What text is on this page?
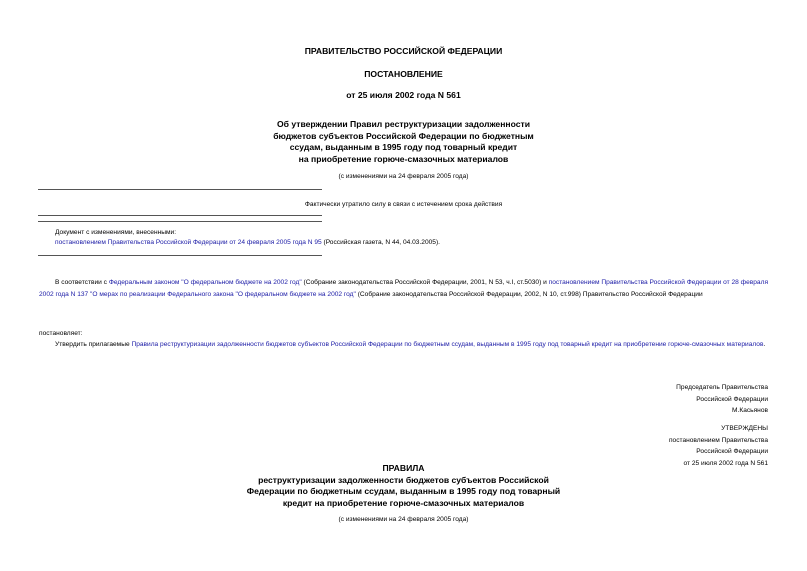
ПРАВИТЕЛЬСТВО РОССИЙСКОЙ ФЕДЕРАЦИИ
ПОСТАНОВЛЕНИЕ
от 25 июля 2002 года N 561
Об утверждении Правил реструктуризации задолженности
бюджетов субъектов Российской Федерации по бюджетным
ссудам, выданным в 1995 году под товарный кредит
на приобретение горюче-смазочных материалов
(с изменениями на 24 февраля 2005 года)
Фактически утратило силу в связи с истечением срока действия
Документ с изменениями, внесенными:
постановлением Правительства Российской Федерации от 24 февраля 2005 года N 95 (Российская газета, N 44, 04.03.2005).
В соответствии с Федеральным законом "О федеральном бюджете на 2002 год" (Собрание законодательства Российской Федерации, 2001, N 53, ч.I, ст.5030) и постановлением Правительства Российской Федерации от 28 февраля 2002 года N 137 "О мерах по реализации Федерального закона "О федеральном бюджете на 2002 год" (Собрание законодательства Российской Федерации, 2002, N 10, ст.998) Правительство Российской Федерации
постановляет:
Утвердить прилагаемые Правила реструктуризации задолженности бюджетов субъектов Российской Федерации по бюджетным ссудам, выданным в 1995 году под товарный кредит на приобретение горюче-смазочных материалов.
Председатель Правительства
Российской Федерации
М.Касьянов
УТВЕРЖДЕНЫ
постановлением Правительства
Российской Федерации
от 25 июля 2002 года N 561
ПРАВИЛА
реструктуризации задолженности бюджетов субъектов Российской
Федерации по бюджетным ссудам, выданным в 1995 году под товарный
кредит на приобретение горюче-смазочных материалов
(с изменениями на 24 февраля 2005 года)
